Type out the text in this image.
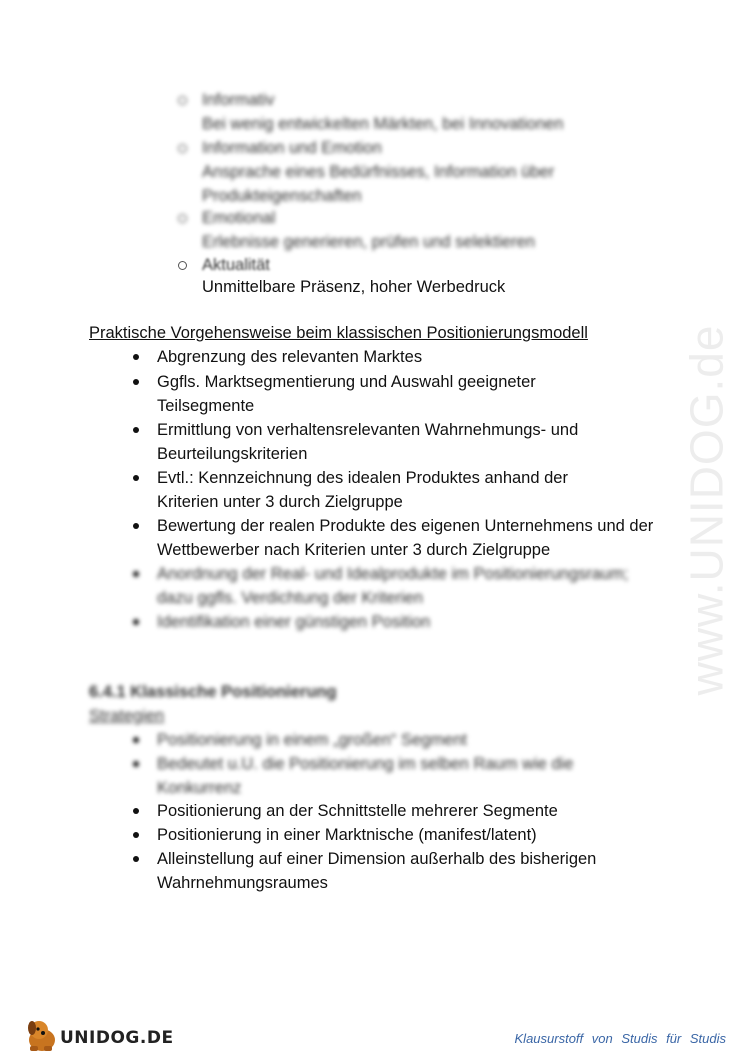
Informativ
Bei wenig entwickelten Märkten, bei Innovationen
Information und Emotion
Ansprache eines Bedürfnisses, Information über
Produkteigenschaften
Emotional
Erlebnisse generieren, prüfen und selektieren
Aktualität
Unmittelbare Präsenz, hoher Werbedruck
Praktische Vorgehensweise beim klassischen Positionierungsmodell
Abgrenzung des relevanten Marktes
Ggfls. Marktsegmentierung und Auswahl geeigneter Teilsegmente
Ermittlung von verhaltensrelevanten Wahrnehmungs- und Beurteilungskriterien
Evtl.: Kennzeichnung des idealen Produktes anhand der Kriterien unter 3 durch Zielgruppe
Bewertung der realen Produkte des eigenen Unternehmens und der Wettbewerber nach Kriterien unter 3 durch Zielgruppe
Anordnung der Real- und Idealprodukte im Positionierungsraum; dazu ggfls. Verdichtung der Kriterien
Identifikation einer günstigen Position
6.4.1 Klassische Positionierung
Strategien
Positionierung in einem „großen“ Segment
Bedeutet u.U. die Positionierung im selben Raum wie die Konkurrenz
Positionierung an der Schnittstelle mehrerer Segmente
Positionierung in einer Marktnische (manifest/latent)
Alleinstellung auf einer Dimension außerhalb des bisherigen Wahrnehmungsraumes
www.UNIDOG.de
UNIDOG.DE	Klausurstoff von Studis für Studis
